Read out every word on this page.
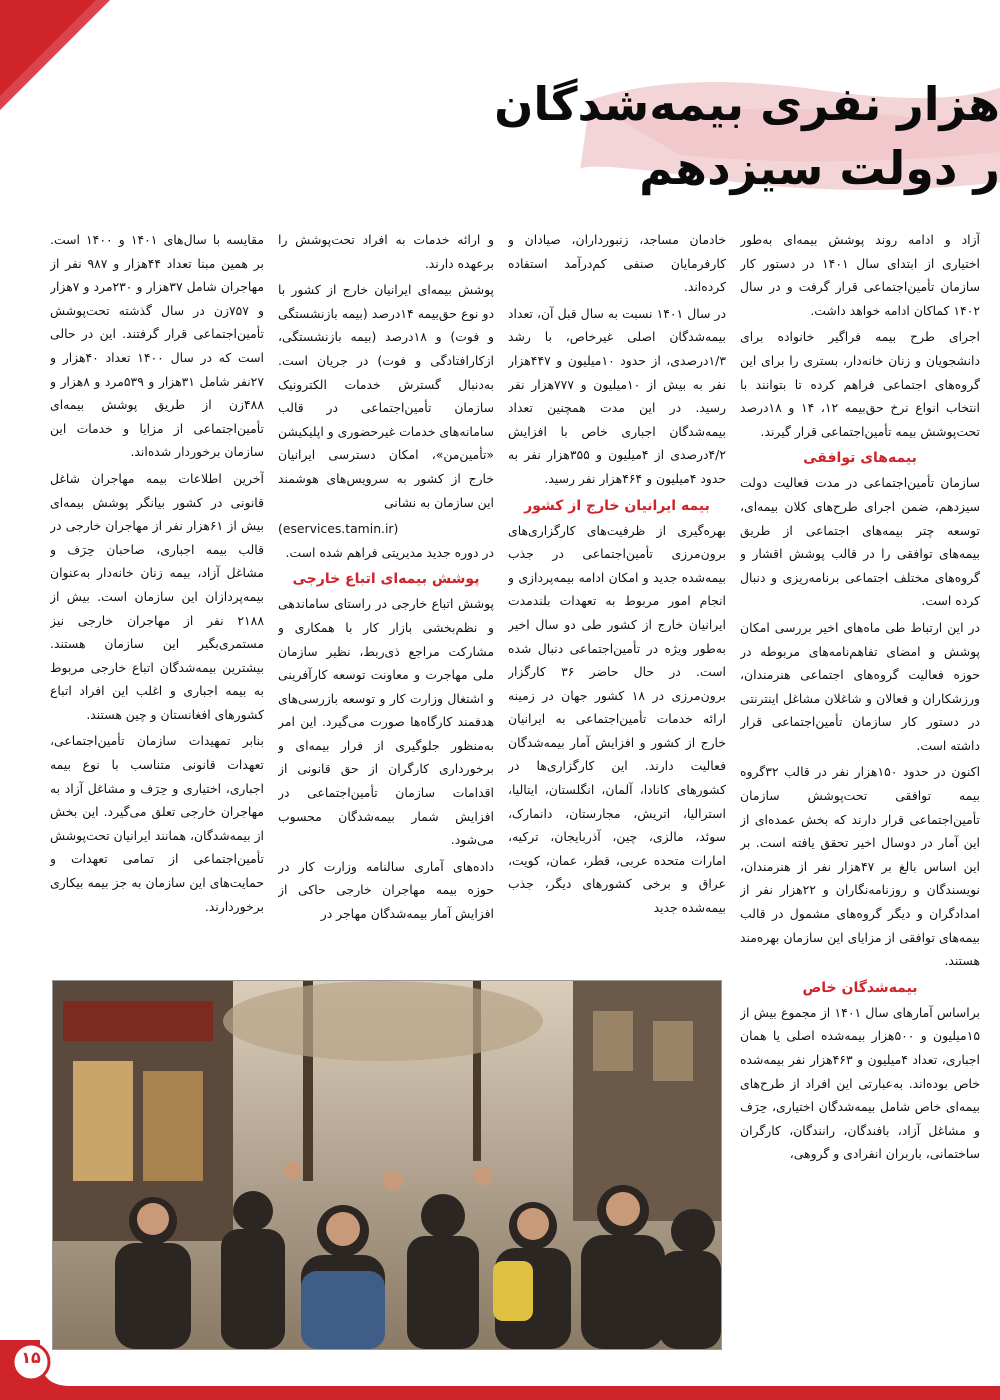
هزار نفری بیمه‌شدگان
ر دولت سیزدهم

آزاد و ادامه روند پوشش بیمه‌ای به‌طور اختیاری از ابتدای سال ۱۴۰۱ در دستور کار سازمان تأمین‌اجتماعی قرار گرفت و در سال ۱۴۰۲ کماکان ادامه خواهد داشت.

اجرای طرح بیمه فراگیر خانواده برای دانشجویان و زنان خانه‌دار، بستری را برای این گروه‌های اجتماعی فراهم کرده تا بتوانند با انتخاب انواع نرخ حق‌بیمه ۱۲، ۱۴ و ۱۸درصد تحت‌پوشش بیمه تأمین‌اجتماعی قرار گیرند.

بیمه‌های توافقی

سازمان تأمین‌اجتماعی در مدت فعالیت دولت سیزدهم، ضمن اجرای طرح‌های کلان بیمه‌ای، توسعه چتر بیمه‌های اجتماعی از طریق بیمه‌های توافقی را در قالب پوشش اقشار و گروه‌های مختلف اجتماعی برنامه‌ریزی و دنبال کرده است.

در این ارتباط طی ماه‌های اخیر بررسی امکان پوشش و امضای تفاهم‌نامه‌های مربوطه در حوزه فعالیت گروه‌های اجتماعی هنرمندان، ورزشکاران و فعالان و شاغلان مشاغل اینترنتی در دستور کار سازمان تأمین‌اجتماعی قرار داشته است.

اکنون در حدود ۱۵۰هزار نفر در قالب ۳۲گروه بیمه توافقی تحت‌پوشش سازمان تأمین‌اجتماعی قرار دارند که بخش عمده‌ای از این آمار در دوسال اخیر تحقق یافته است. بر این اساس بالغ بر ۴۷هزار نفر از هنرمندان، نویسندگان و روزنامه‌نگاران و ۲۲هزار نفر از امدادگران و دیگر گروه‌های مشمول در قالب بیمه‌های توافقی از مزایای این سازمان بهره‌مند هستند.

بیمه‌شدگان خاص

براساس آمارهای سال ۱۴۰۱ از مجموع بیش از ۱۵میلیون و ۵۰۰هزار بیمه‌شده اصلی یا همان اجباری، تعداد ۴میلیون و ۴۶۳هزار نفر بیمه‌شده خاص بوده‌اند. به‌عبارتی این افراد از طرح‌های بیمه‌ای خاص شامل بیمه‌شدگان اختیاری، حِرَف و مشاغل آزاد، بافندگان، رانندگان، کارگران ساختمانی، باربران انفرادی و گروهی،

خادمان مساجد، زنبورداران، صیادان و کارفرمایان صنفی کم‌درآمد استفاده کرده‌اند.

در سال ۱۴۰۱ نسبت به سال قبل آن، تعداد بیمه‌شدگان اصلی غیرخاص، با رشد ۱/۳درصدی، از حدود ۱۰میلیون و ۴۴۷هزار نفر به بیش از ۱۰میلیون و ۷۷۷هزار نفر رسید. در این مدت همچنین تعداد بیمه‌شدگان اجباری خاص با افزایش ۴/۲درصدی از ۴میلیون و ۳۵۵هزار نفر به حدود ۴میلیون و ۴۶۴هزار نفر رسید.

بیمه ایرانیان خارج از کشور

بهره‌گیری از ظرفیت‌های کارگزاری‌های برون‌مرزی تأمین‌اجتماعی در جذب بیمه‌شده جدید و امکان ادامه بیمه‌پردازی و انجام امور مربوط به تعهدات بلندمدت ایرانیان خارج از کشور طی دو سال اخیر به‌طور ویژه در تأمین‌اجتماعی دنبال شده است. در حال حاضر ۳۶ کارگزار برون‌مرزی در ۱۸ کشور جهان در زمینه ارائه خدمات تأمین‌اجتماعی به ایرانیان خارج از کشور و افزایش آمار بیمه‌شدگان فعالیت دارند. این کارگزاری‌ها در کشورهای کانادا، آلمان، انگلستان، ایتالیا، استرالیا، اتریش، مجارستان، دانمارک، سوئد، مالزی، چین، آذربایجان، ترکیه، امارات متحده عربی، قطر، عمان، کویت، عراق و برخی کشورهای دیگر، جذب بیمه‌شده جدید

و ارائه خدمات به افراد تحت‌پوشش را برعهده دارند.

پوشش بیمه‌ای ایرانیان خارج از کشور با دو نوع حق‌بیمه ۱۴درصد (بیمه بازنشستگی و فوت) و ۱۸درصد (بیمه بازنشستگی، ازکارافتادگی و فوت) در جریان است. به‌دنبال گسترش خدمات الکترونیک سازمان تأمین‌اجتماعی در قالب سامانه‌های خدمات غیرحضوری و اپلیکیشن «تأمین‌من»، امکان دسترسی ایرانیان خارج از کشور به سرویس‌های هوشمند این سازمان به نشانی

(eservices.tamin.ir)

در دوره جدید مدیریتی فراهم شده است.

پوشش بیمه‌ای اتباع خارجی

پوشش اتباع خارجی در راستای ساماندهی و نظم‌بخشی بازار کار با همکاری و مشارکت مراجع ذی‌ربط، نظیر سازمان ملی مهاجرت و معاونت توسعه کارآفرینی و اشتغال وزارت کار و توسعه بازرسی‌های هدفمند کارگاه‌ها صورت می‌گیرد. این امر به‌منظور جلوگیری از فرار بیمه‌ای و برخورداری کارگران از حق قانونی از اقدامات سازمان تأمین‌اجتماعی در افزایش شمار بیمه‌شدگان محسوب می‌شود.

داده‌های آماری سالنامه وزارت کار در حوزه بیمه مهاجران خارجی حاکی از افزایش آمار بیمه‌شدگان مهاجر در

مقایسه با سال‌های ۱۴۰۱ و ۱۴۰۰ است. بر همین مبنا تعداد ۴۴هزار و ۹۸۷ نفر از مهاجران شامل ۳۷هزار و ۲۳۰مرد و ۷هزار و ۷۵۷زن در سال گذشته تحت‌پوشش تأمین‌اجتماعی قرار گرفتند. این در حالی است که در سال ۱۴۰۰ تعداد ۴۰هزار و ۲۷نفر شامل ۳۱هزار و ۵۳۹مرد و ۸هزار و ۴۸۸زن از طریق پوشش بیمه‌ای تأمین‌اجتماعی از مزایا و خدمات این سازمان برخوردار شده‌اند.

آخرین اطلاعات بیمه مهاجران شاغل قانونی در کشور بیانگر پوشش بیمه‌ای بیش از ۶۱هزار نفر از مهاجران خارجی در قالب بیمه اجباری، صاحبان حِرَف و مشاغل آزاد، بیمه زنان خانه‌دار به‌عنوان بیمه‌پردازان این سازمان است. بیش از ۲۱۸۸ نفر از مهاجران خارجی نیز مستمری‌بگیر این سازمان هستند. بیشترین بیمه‌شدگان اتباع خارجی مربوط به بیمه اجباری و اغلب این افراد اتباع کشورهای افغانستان و چین هستند.

بنابر تمهیدات سازمان تأمین‌اجتماعی، تعهدات قانونی متناسب با نوع بیمه اجباری، اختیاری و حِرَف و مشاغل آزاد به مهاجران خارجی تعلق می‌گیرد. این بخش از بیمه‌شدگان، همانند ایرانیان تحت‌پوشش تأمین‌اجتماعی از تمامی تعهدات و حمایت‌های این سازمان به جز بیمه بیکاری برخوردارند.

۱۵
